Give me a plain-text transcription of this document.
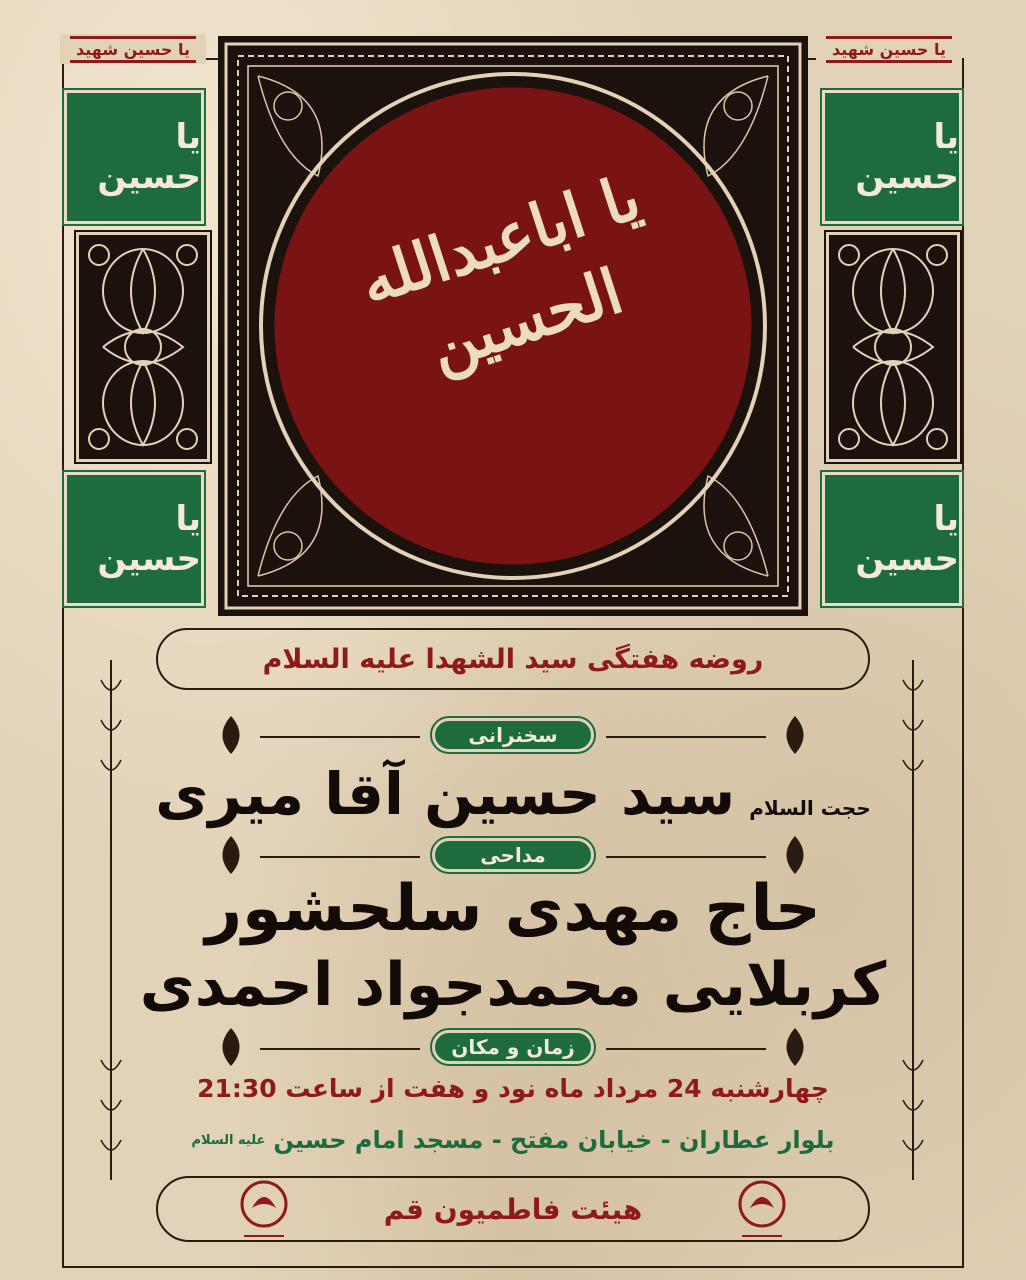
یا حسین شهید	یا حسین شهید
یا حسین
یا حسین
یا حسین
یا حسین
یا اباعبدالله الحسین
روضه هفتگی سید الشهدا علیه السلام
سخنرانی
حجت السلام
سید حسین آقا میری
مداحی
حاج مهدی سلحشور
کربلایی محمدجواد احمدی
زمان و مکان
چهارشنبه 24 مرداد ماه نود و هفت از ساعت 21:30
بلوار عطاران - خیابان مفتح - مسجد امام حسین
علیه السلام
هیئت فاطمیون قم
